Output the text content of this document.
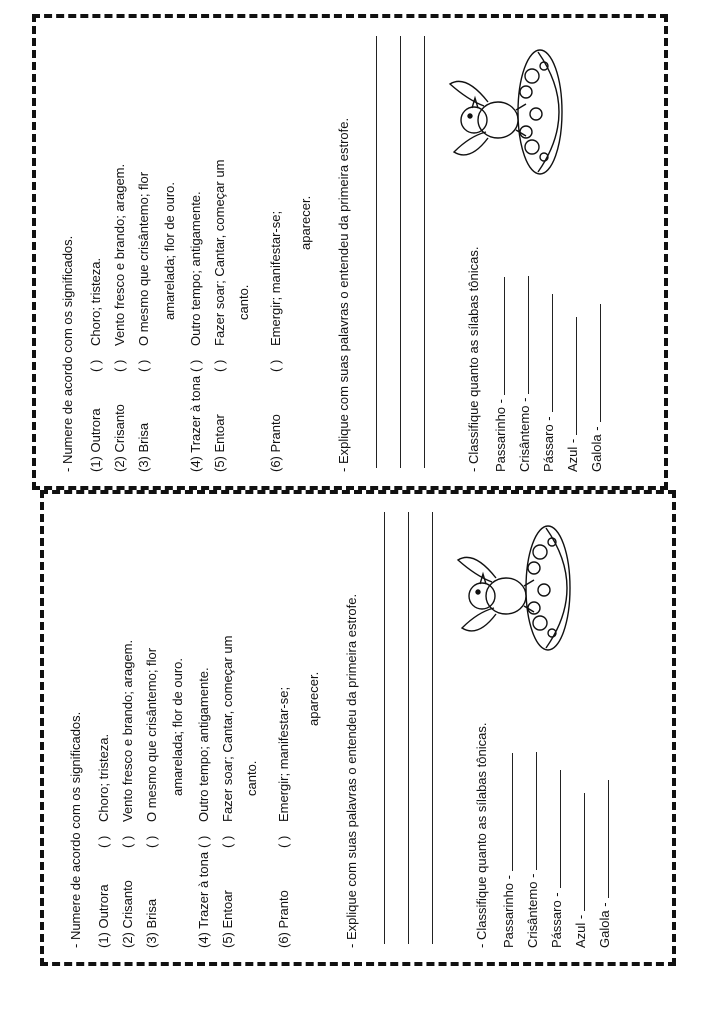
- Numere de acordo com os significados. (1) Outrora
( )
Choro; tristeza.
(2) Crisanto
( )
Vento fresco e brando; aragem.
(3) Brisa
( )
O mesmo que crisântemo; flor amarelada; flor de ouro.
(4) Trazer à tona
( )
Outro tempo; antigamente.
(5) Entoar
( )
Fazer soar; Cantar, começar um canto.
(6) Pranto
( )
Emergir; manifestar-se; aparecer. - Explique com suas palavras o entendeu da primeira estrofe.	- Classifique quanto as sílabas tônicas. Passarinho - Crisântemo - Pássaro - Azul - Galola -
- Numere de acordo com os significados. (1) Outrora
( )
Choro; tristeza.
(2) Crisanto
( )
Vento fresco e brando; aragem.
(3) Brisa
( )
O mesmo que crisântemo; flor amarelada; flor de ouro.
(4) Trazer à tona
( )
Outro tempo; antigamente.
(5) Entoar
( )
Fazer soar; Cantar, começar um canto.
(6) Pranto
( )
Emergir; manifestar-se; aparecer. - Explique com suas palavras o entendeu da primeira estrofe.	- Classifique quanto as sílabas tônicas. Passarinho - Crisântemo - Pássaro - Azul - Galola -
